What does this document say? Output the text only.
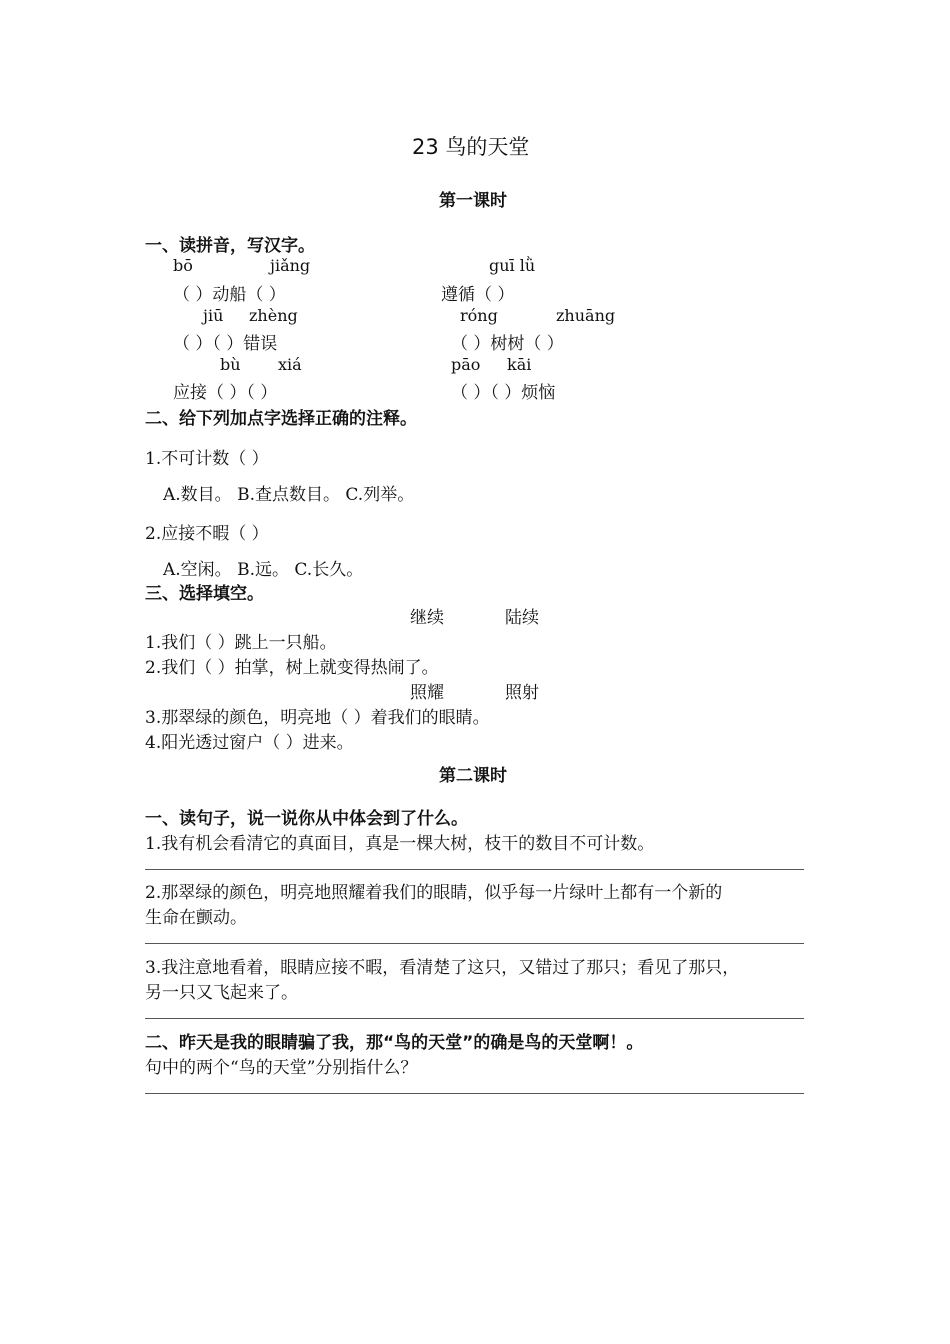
23 鸟的天堂
第一课时
一、读拼音，写汉字。
bō	jiǎng	guī lǜ
（ ）动船（ ）	遵循（ ）
jiū zhèng	róng	zhuāng
（ ）（ ）错误	（ ）树树（ ）
bù xiá	pāo kāi
应接（ ）（ ）	（ ）（ ）烦恼
二、给下列加点字选择正确的注释。
1.不可计数（ ）
A.数目。 B.查点数目。 C.列举。
2.应接不暇（ ）
A.空闲。 B.远。 C.长久。
三、选择填空。
继续	陆续
1.我们（ ）跳上一只船。
2.我们（ ）拍掌，树上就变得热闹了。
照耀	照射
3.那翠绿的颜色，明亮地（ ）着我们的眼睛。
4.阳光透过窗户（ ）进来。
第二课时
一、读句子，说一说你从中体会到了什么。
1.我有机会看清它的真面目，真是一棵大树，枝干的数目不可计数。
2.那翠绿的颜色，明亮地照耀着我们的眼睛，似乎每一片绿叶上都有一个新的
生命在颤动。
3.我注意地看着，眼睛应接不暇，看清楚了这只，又错过了那只；看见了那只，
另一只又飞起来了。
二、昨天是我的眼睛骗了我，那“鸟的天堂”的确是鸟的天堂啊！。
句中的两个“鸟的天堂”分别指什么？
